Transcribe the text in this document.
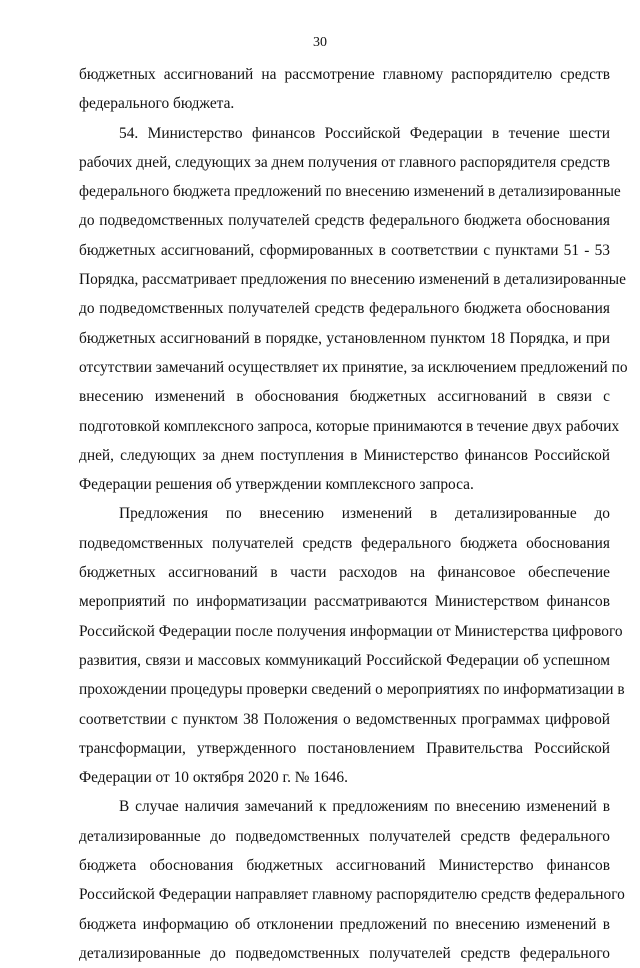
30
бюджетных ассигнований на рассмотрение главному распорядителю средств
федерального бюджета.
54. Министерство финансов Российской Федерации в течение шести
рабочих дней, следующих за днем получения от главного распорядителя средств
федерального бюджета предложений по внесению изменений в детализированные
до подведомственных получателей средств федерального бюджета обоснования
бюджетных ассигнований, сформированных в соответствии с пунктами 51 - 53
Порядка, рассматривает предложения по внесению изменений в детализированные
до подведомственных получателей средств федерального бюджета обоснования
бюджетных ассигнований в порядке, установленном пунктом 18 Порядка, и при
отсутствии замечаний осуществляет их принятие, за исключением предложений по
внесению изменений в обоснования бюджетных ассигнований в связи с
подготовкой комплексного запроса, которые принимаются в течение двух рабочих
дней, следующих за днем поступления в Министерство финансов Российской
Федерации решения об утверждении комплексного запроса.
Предложения по внесению изменений в детализированные до
подведомственных получателей средств федерального бюджета обоснования
бюджетных ассигнований в части расходов на финансовое обеспечение
мероприятий по информатизации рассматриваются Министерством финансов
Российской Федерации после получения информации от Министерства цифрового
развития, связи и массовых коммуникаций Российской Федерации об успешном
прохождении процедуры проверки сведений о мероприятиях по информатизации в
соответствии с пунктом 38 Положения о ведомственных программах цифровой
трансформации, утвержденного постановлением Правительства Российской
Федерации от 10 октября 2020 г. № 1646.
В случае наличия замечаний к предложениям по внесению изменений в
детализированные до подведомственных получателей средств федерального
бюджета обоснования бюджетных ассигнований Министерство финансов
Российской Федерации направляет главному распорядителю средств федерального
бюджета информацию об отклонении предложений по внесению изменений в
детализированные до подведомственных получателей средств федерального
